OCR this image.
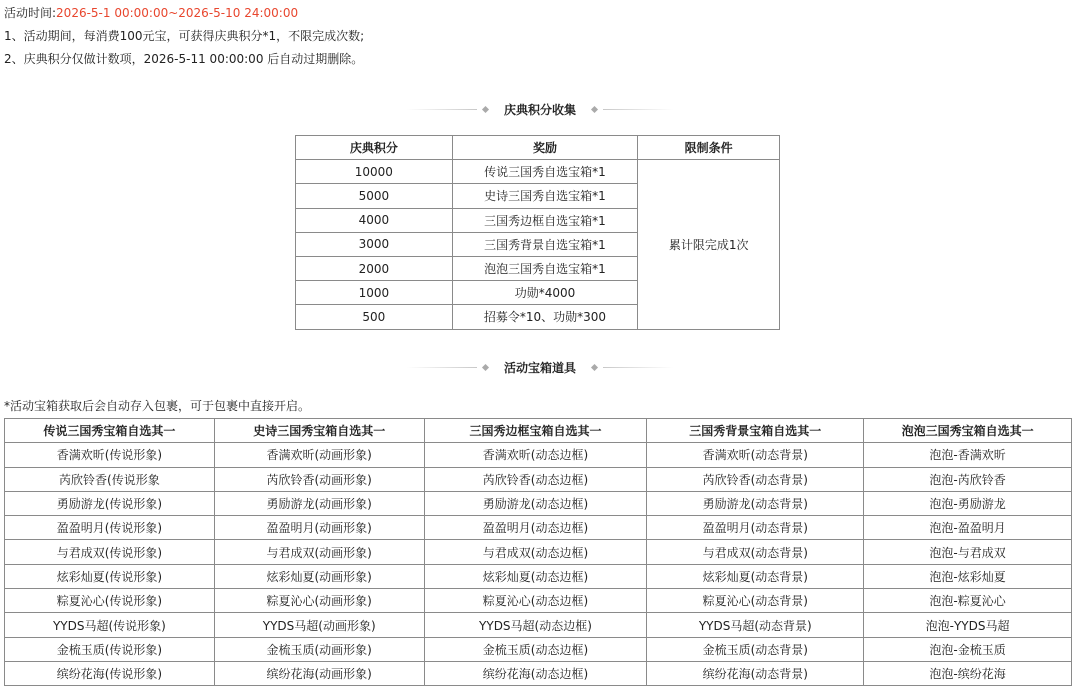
活动时间:2026-5-1 00:00:00~2026-5-10 24:00:00
1、活动期间，每消费100元宝，可获得庆典积分*1，不限完成次数;
2、庆典积分仅做计数项，2026-5-11 00:00:00 后自动过期删除。
庆典积分收集
庆典积分	奖励	限制条件
10000	传说三国秀自选宝箱*1	累计限完成1次
5000	史诗三国秀自选宝箱*1	
4000	三国秀边框自选宝箱*1	
3000	三国秀背景自选宝箱*1	
2000	泡泡三国秀自选宝箱*1	
1000	功勋*4000	
500	招募令*10、功勋*300	
活动宝箱道具
*活动宝箱获取后会自动存入包裹，可于包裹中直接开启。
传说三国秀宝箱自选其一	史诗三国秀宝箱自选其一	三国秀边框宝箱自选其一	三国秀背景宝箱自选其一	泡泡三国秀宝箱自选其一
香满欢昕(传说形象)	香满欢昕(动画形象)	香满欢昕(动态边框)	香满欢昕(动态背景)	泡泡-香满欢昕
芮欣铃香(传说形象	芮欣铃香(动画形象)	芮欣铃香(动态边框)	芮欣铃香(动态背景)	泡泡-芮欣铃香
勇励游龙(传说形象)	勇励游龙(动画形象)	勇励游龙(动态边框)	勇励游龙(动态背景)	泡泡-勇励游龙
盈盈明月(传说形象)	盈盈明月(动画形象)	盈盈明月(动态边框)	盈盈明月(动态背景)	泡泡-盈盈明月
与君成双(传说形象)	与君成双(动画形象)	与君成双(动态边框)	与君成双(动态背景)	泡泡-与君成双
炫彩灿夏(传说形象)	炫彩灿夏(动画形象)	炫彩灿夏(动态边框)	炫彩灿夏(动态背景)	泡泡-炫彩灿夏
粽夏沁心(传说形象)	粽夏沁心(动画形象)	粽夏沁心(动态边框)	粽夏沁心(动态背景)	泡泡-粽夏沁心
YYDS马超(传说形象)	YYDS马超(动画形象)	YYDS马超(动态边框)	YYDS马超(动态背景)	泡泡-YYDS马超
金梳玉质(传说形象)	金梳玉质(动画形象)	金梳玉质(动态边框)	金梳玉质(动态背景)	泡泡-金梳玉质
缤纷花海(传说形象)	缤纷花海(动画形象)	缤纷花海(动态边框)	缤纷花海(动态背景)	泡泡-缤纷花海
